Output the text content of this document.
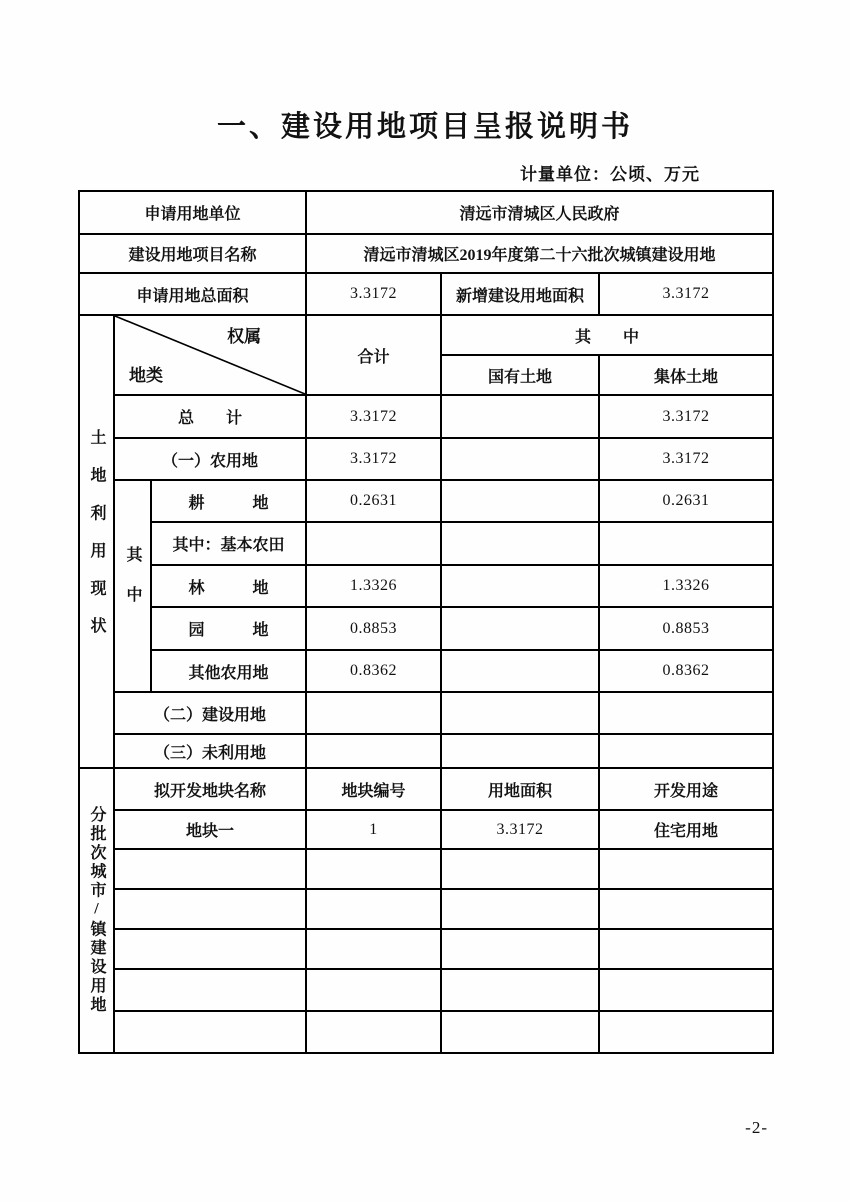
一、建设用地项目呈报说明书
计量单位：公顷、万元
申请用地单位			清远市清城区人民政府		
建设用地项目名称			清远市清城区2019年度第二十六批次城镇建设用地		
申请用地总面积			3.3172	新增建设用地面积	3.3172
土地利用现状	权属
地类		合计	其　　中	
				国有土地	集体土地
	总　　计		3.3172		3.3172
	（一）农用地		3.3172		3.3172
	其中	耕　　　地	0.2631		0.2631
		其中：基本农田			
		林　　　地	1.3326		1.3326
		园　　　地	0.8853		0.8853
		其他农用地	0.8362		0.8362
	（二）建设用地				
	（三）未利用地				
分批次城市/镇建设用地	拟开发地块名称		地块编号	用地面积	开发用途
	地块一		1	3.3172	住宅用地

-2-
